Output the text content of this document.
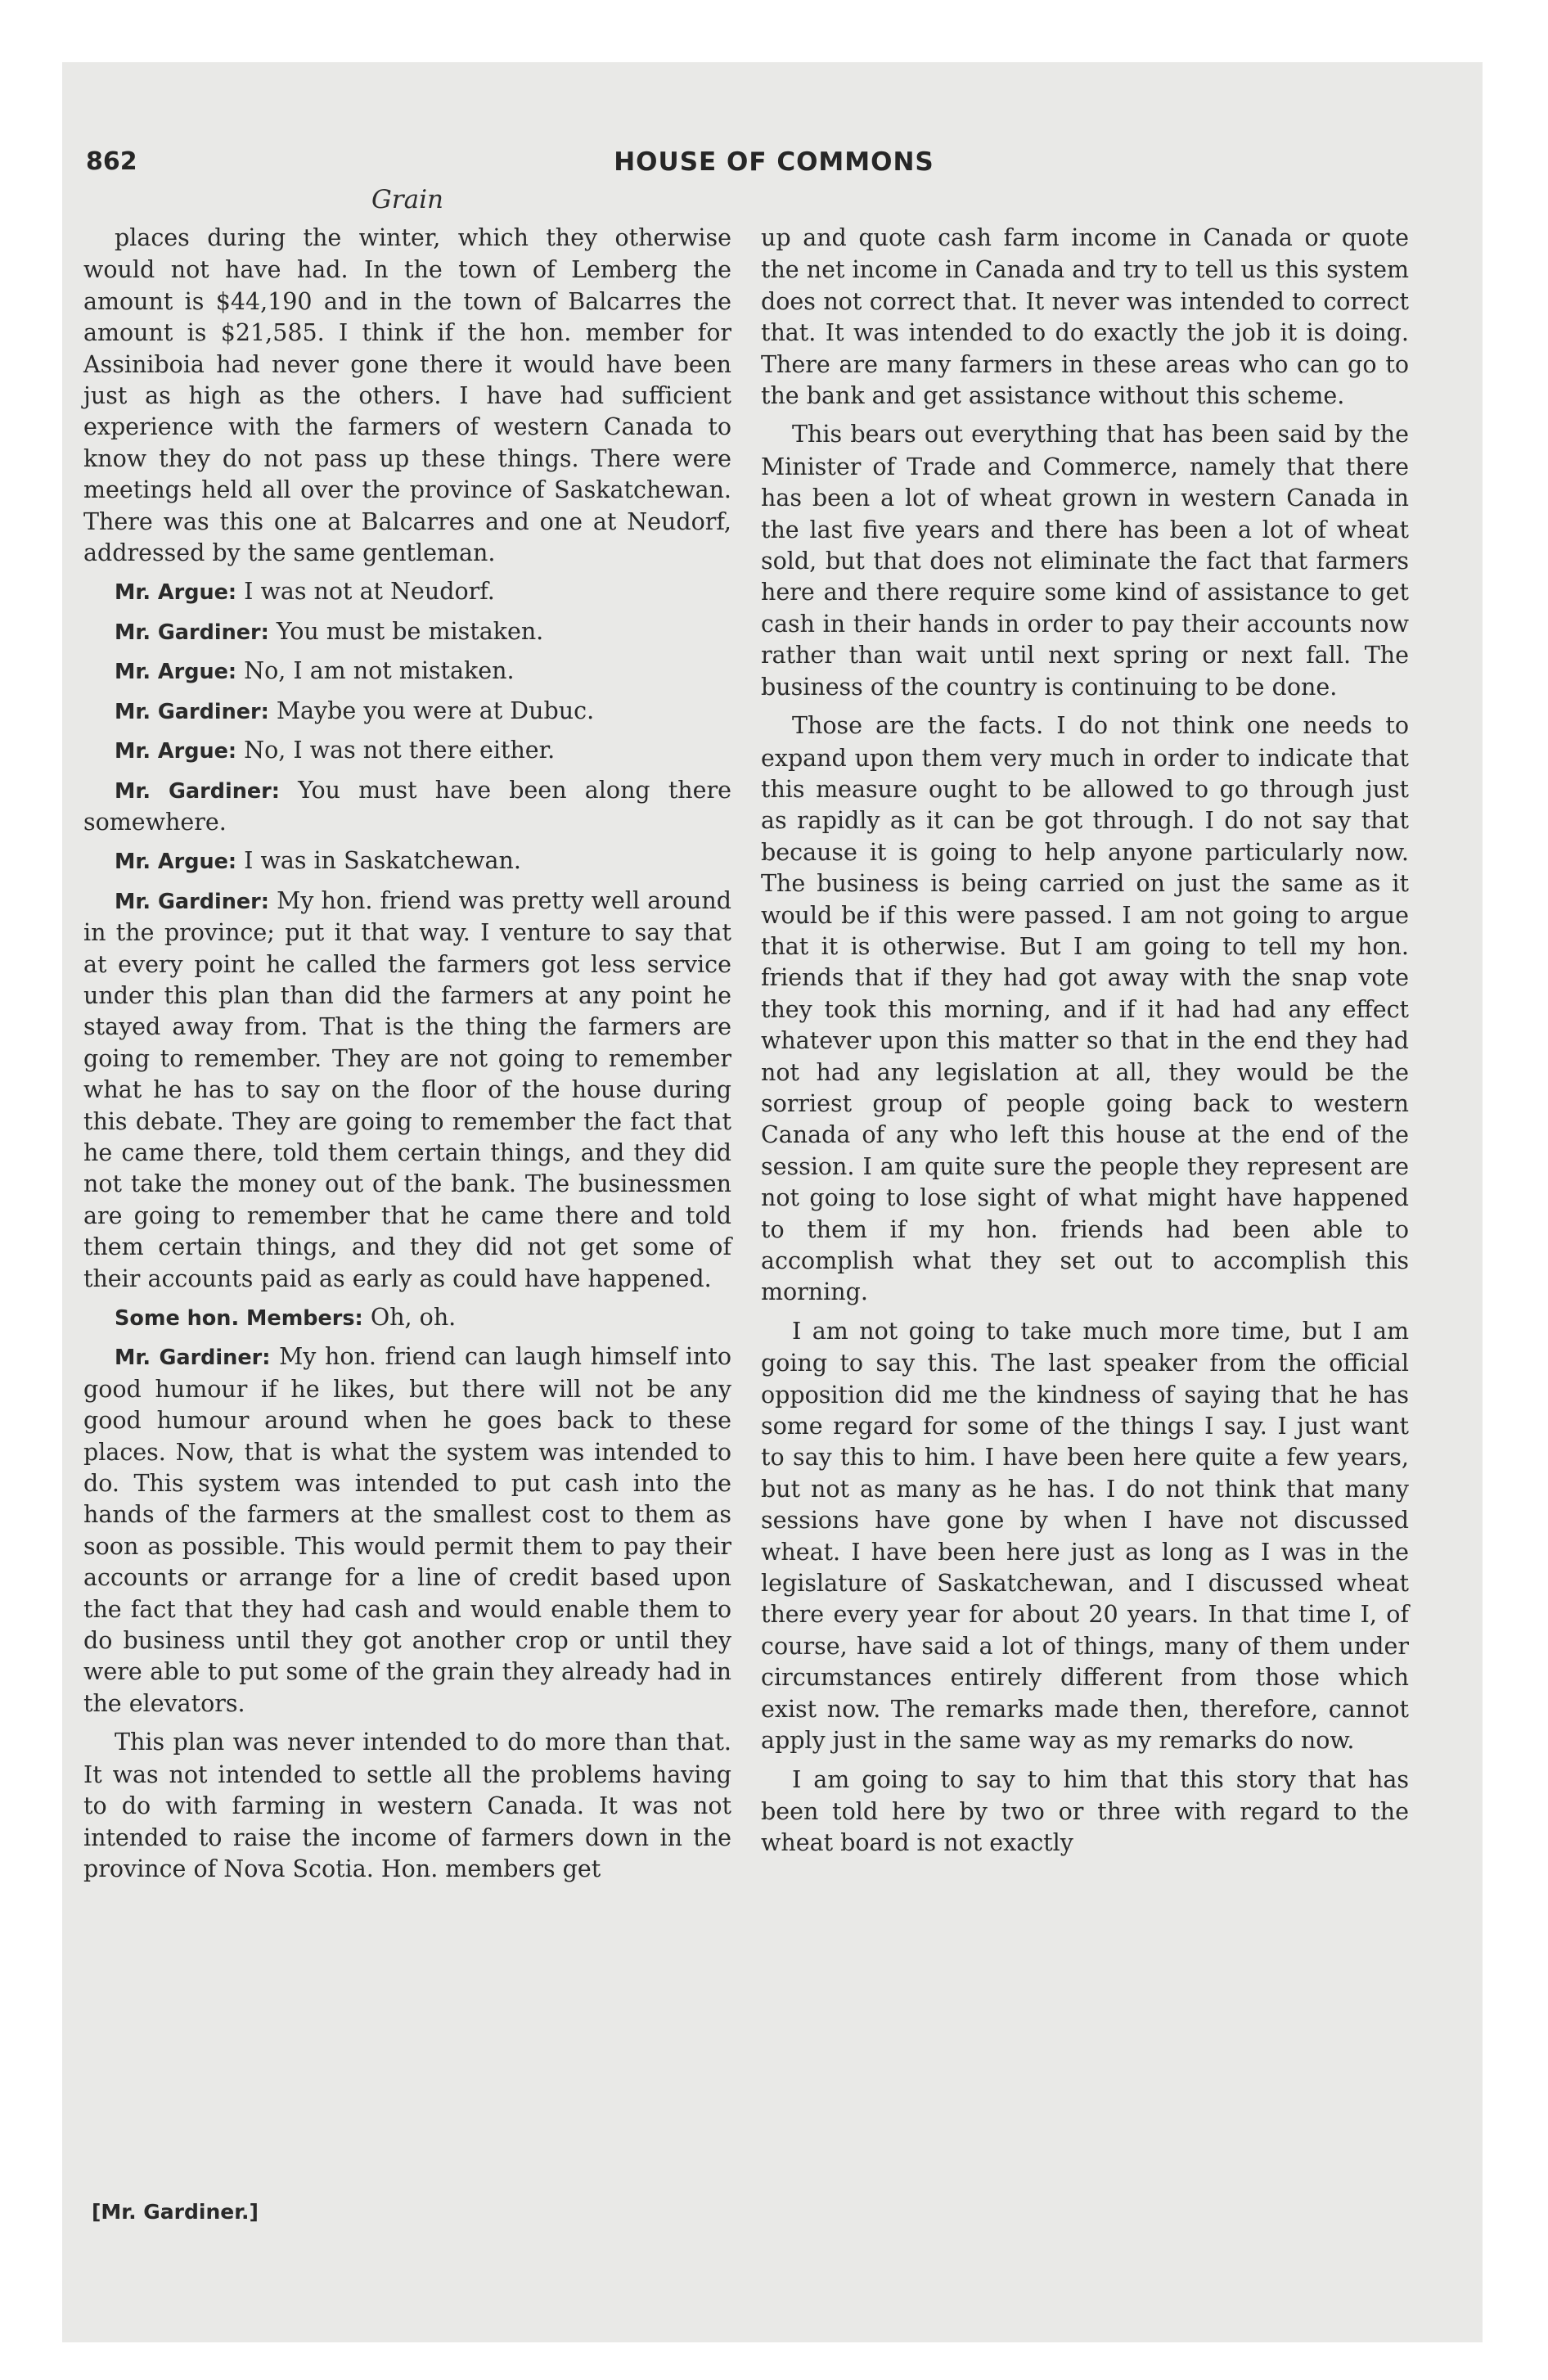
862	HOUSE OF COMMONS
Grain

places during the winter, which they otherwise would not have had. In the town of Lemberg the amount is $44,190 and in the town of Balcarres the amount is $21,585. I think if the hon. member for Assiniboia had never gone there it would have been just as high as the others. I have had sufficient experience with the farmers of western Canada to know they do not pass up these things. There were meetings held all over the province of Saskatchewan. There was this one at Balcarres and one at Neudorf, addressed by the same gentleman.

Mr. Argue: I was not at Neudorf.

Mr. Gardiner: You must be mistaken.

Mr. Argue: No, I am not mistaken.

Mr. Gardiner: Maybe you were at Dubuc.

Mr. Argue: No, I was not there either.

Mr. Gardiner: You must have been along there somewhere.

Mr. Argue: I was in Saskatchewan.

Mr. Gardiner: My hon. friend was pretty well around in the province; put it that way. I venture to say that at every point he called the farmers got less service under this plan than did the farmers at any point he stayed away from. That is the thing the farmers are going to remember. They are not going to remember what he has to say on the floor of the house during this debate. They are going to remember the fact that he came there, told them certain things, and they did not take the money out of the bank. The businessmen are going to remember that he came there and told them certain things, and they did not get some of their accounts paid as early as could have happened.

Some hon. Members: Oh, oh.

Mr. Gardiner: My hon. friend can laugh himself into good humour if he likes, but there will not be any good humour around when he goes back to these places. Now, that is what the system was intended to do. This system was intended to put cash into the hands of the farmers at the smallest cost to them as soon as possible. This would permit them to pay their accounts or arrange for a line of credit based upon the fact that they had cash and would enable them to do business until they got another crop or until they were able to put some of the grain they already had in the elevators.

This plan was never intended to do more than that. It was not intended to settle all the problems having to do with farming in western Canada. It was not intended to raise the income of farmers down in the province of Nova Scotia. Hon. members get

up and quote cash farm income in Canada or quote the net income in Canada and try to tell us this system does not correct that. It never was intended to correct that. It was intended to do exactly the job it is doing. There are many farmers in these areas who can go to the bank and get assistance without this scheme.

This bears out everything that has been said by the Minister of Trade and Commerce, namely that there has been a lot of wheat grown in western Canada in the last five years and there has been a lot of wheat sold, but that does not eliminate the fact that farmers here and there require some kind of assistance to get cash in their hands in order to pay their accounts now rather than wait until next spring or next fall. The business of the country is continuing to be done.

Those are the facts. I do not think one needs to expand upon them very much in order to indicate that this measure ought to be allowed to go through just as rapidly as it can be got through. I do not say that because it is going to help anyone particularly now. The business is being carried on just the same as it would be if this were passed. I am not going to argue that it is otherwise. But I am going to tell my hon. friends that if they had got away with the snap vote they took this morning, and if it had had any effect whatever upon this matter so that in the end they had not had any legislation at all, they would be the sorriest group of people going back to western Canada of any who left this house at the end of the session. I am quite sure the people they represent are not going to lose sight of what might have happened to them if my hon. friends had been able to accomplish what they set out to accomplish this morning.

I am not going to take much more time, but I am going to say this. The last speaker from the official opposition did me the kindness of saying that he has some regard for some of the things I say. I just want to say this to him. I have been here quite a few years, but not as many as he has. I do not think that many sessions have gone by when I have not discussed wheat. I have been here just as long as I was in the legislature of Saskatchewan, and I discussed wheat there every year for about 20 years. In that time I, of course, have said a lot of things, many of them under circumstances entirely different from those which exist now. The remarks made then, therefore, cannot apply just in the same way as my remarks do now.

I am going to say to him that this story that has been told here by two or three with regard to the wheat board is not exactly

[Mr. Gardiner.]
